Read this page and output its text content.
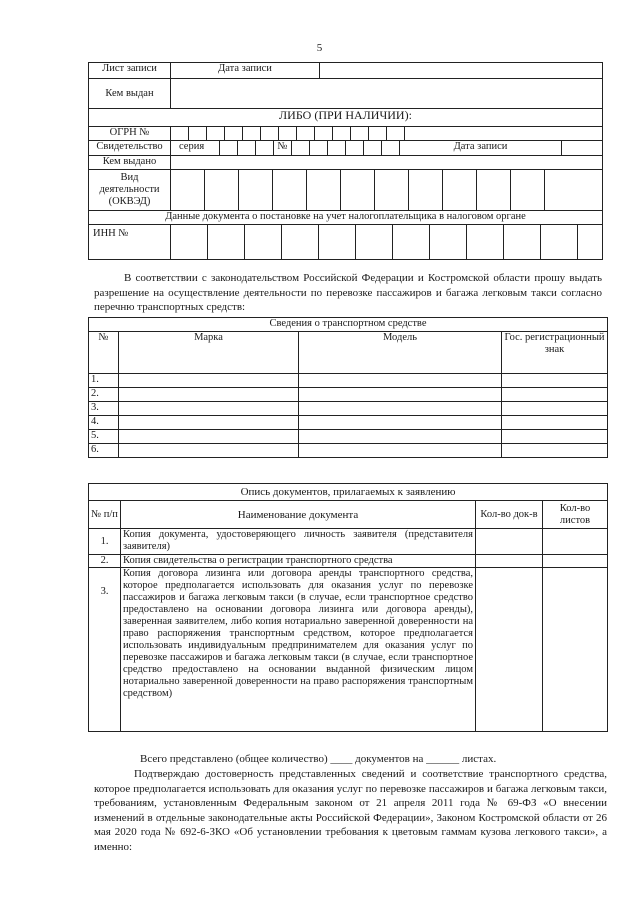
5
Лист записи	Дата записи

Кем выдан	
ЛИБО (ПРИ НАЛИЧИИ):	
ОГРН №	

Свидетельство	серия № Дата записи

Кем выдано	
Вид деятельности (ОКВЭД)	

Данные документа о постановке на учет налогоплательщика в налоговом органе	
ИНН №	
В соответствии с законодательством Российской Федерации и Костромской области прошу выдать разрешение на осуществление деятельности по перевозке пассажиров и багажа легковым такси согласно перечню транспортных средств:
Сведения о транспортном средстве			
№	Марка	Модель	Гос. регистрационный знак
1.			
2.			
3.			
4.			
5.			
6.			
Опись документов, прилагаемых к заявлению			
№ п/п	Наименование документа	Кол-во док-в	Кол-во листов
1.	Копия документа, удостоверяющего личность заявителя (представителя заявителя)		
2.	Копия свидетельства о регистрации транспортного средства		
3.	Копия договора лизинга или договора аренды транспортного средства, которое предполагается использовать для оказания услуг по перевозке пассажиров и багажа легковым такси (в случае, если транспортное средство предоставлено на основании договора лизинга или договора аренды), заверенная заявителем, либо копия нотариально заверенной доверенности на право распоряжения транспортным средством, которое предполагается использовать индивидуальным предпринимателем для оказания услуг по перевозке пассажиров и багажа легковым такси (в случае, если транспортное средство предоставлено на основании выданной физическим лицом нотариально заверенной доверенности на право распоряжения транспортным средством)		
Всего представлено (общее количество) ____ документов на ______ листах.
Подтверждаю достоверность представленных сведений и соответствие транспортного средства, которое предполагается использовать для оказания услуг по перевозке пассажиров и багажа легковым такси, требованиям, установленным Федеральным законом от 21 апреля 2011 года № 69-ФЗ «О внесении изменений в отдельные законодательные акты Российской Федерации», Законом Костромской области от 26 мая 2020 года № 692-6-ЗКО «Об установлении требования к цветовым гаммам кузова легкового такси», а именно:
